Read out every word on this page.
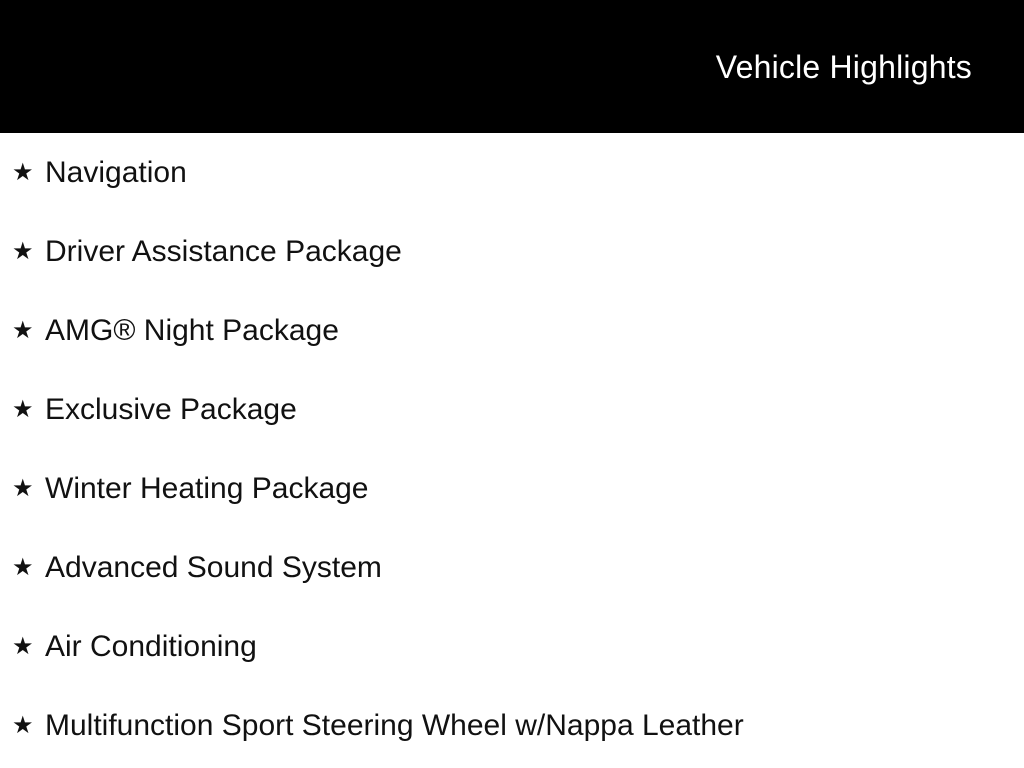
Vehicle Highlights
★ Navigation
★ Driver Assistance Package
★ AMG® Night Package
★ Exclusive Package
★ Winter Heating Package
★ Advanced Sound System
★ Air Conditioning
★ Multifunction Sport Steering Wheel w/Nappa Leather
